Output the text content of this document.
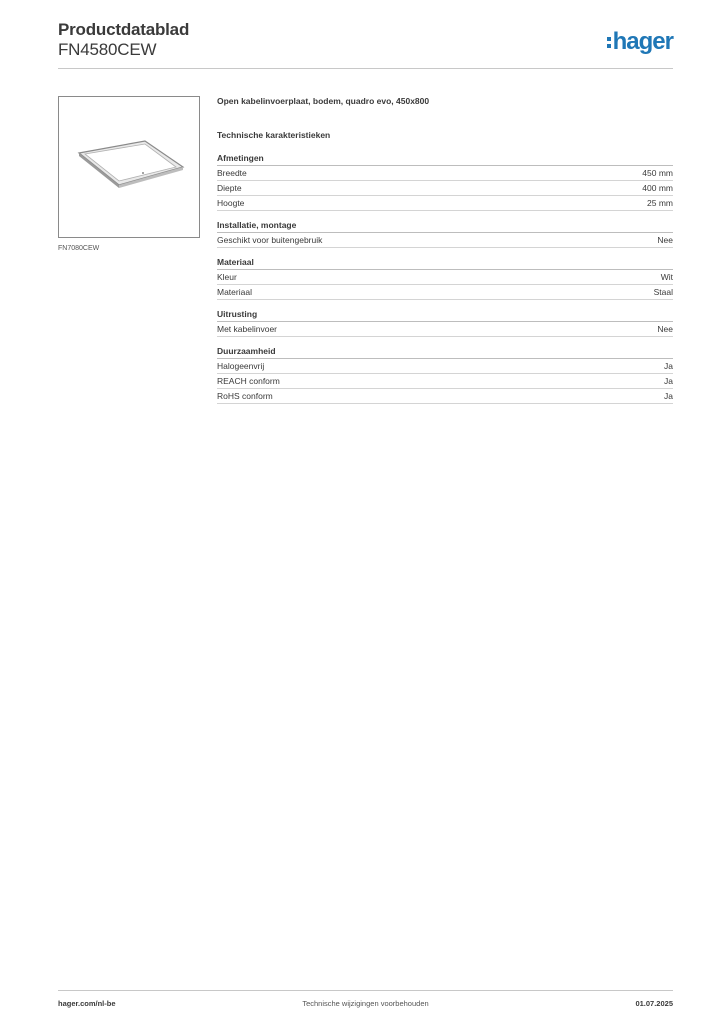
Productdatablad
FN4580CEW	hager
FN7080CEW
Open kabelinvoerplaat, bodem, quadro evo, 450x800
Technische karakteristieken
Afmetingen
Breedte	450 mm
Diepte	400 mm
Hoogte	25 mm
Installatie, montage
Geschikt voor buitengebruik	Nee
Materiaal
Kleur	Wit
Materiaal	Staal
Uitrusting
Met kabelinvoer	Nee
Duurzaamheid
Halogeenvrij	Ja
REACH conform	Ja
RoHS conform	Ja
hager.com/nl-be	Technische wijzigingen voorbehouden	01.07.2025
